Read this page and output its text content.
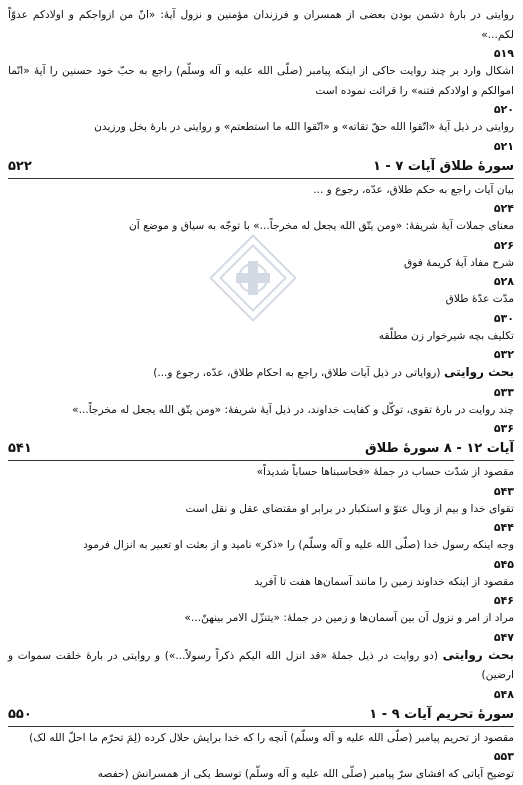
روایتی در بارهٔ دشمن بودن بعضی از همسران و فرزندان مؤمنین و نزول آیهٔ: «انّ من ازواجکم و اولادکم عدوّاً لکم...»
۵۱۹
اشکال وارد بر چند روایت حاکی از اینکه پیامبر (صلّی الله علیه و آله وسلّم) راجع به حبّ خود حسنین را آیهٔ «انّما اموالکم و اولادکم فتنه» را قرائت نموده است
۵۲۰
روایتی در ذیل آیهٔ «اتّقوا الله حقّ تقاته» و «اتّقوا الله ما استطعتم» و روایتی در بارهٔ بخل ورزیدن
۵۲۱
سورهٔ طلاق آیات ۷ - ۱
۵۲۲
بیان آیات راجع به حکم طلاق، عدّه، رجوع و ...
۵۲۴
معنای جملات آیهٔ شریفهٔ: «ومن یتّق الله یجعل له مخرجاً...» با توجّه به سیاق و موضع آن
۵۲۶
شرح مفاد آیهٔ کریمهٔ فوق
۵۲۸
مدّت عدّهٔ طلاق
۵۳۰
تکلیف بچه شیرخوار زن مطلّقه
۵۳۲
بحث روایتی (روایاتی در ذیل آیات طلاق، راجع به احکام طلاق، عدّه، رجوع و...)
۵۳۳
چند روایت در بارهٔ تقوی، توکّل و کفایت خداوند، در ذیل آیهٔ شریفهٔ: «ومن یتّق الله یجعل له مخرجاً...»
۵۳۶
آیات ۱۲ - ۸ سورهٔ طلاق
۵۴۱
مقصود از شدّت حساب در جملهٔ «فحاسبناها حساباً شدیداً»
۵۴۳
تقوای خدا و بیم از وبال عتوّ و استکبار در برابر او مقتضای عقل و نقل است
۵۴۴
وجه اینکه رسول خدا (صلّی الله علیه و آله وسلّم) را «ذکر» نامید و از بعثت او تعبیر به انزال فرمود
۵۴۵
مقصود از اینکه خداوند زمین را مانند آسمان‌ها هفت تا آفرید
۵۴۶
مراد از امر و نزول آن بین آسمان‌ها و زمین در جملهٔ: «یتنزّل الامر بینهنّ...»
۵۴۷
بحث روایتی (دو روایت در ذیل جملهٔ «قد انزل الله الیکم ذکراً رسولاً...») و روایتی در بارهٔ خلقت سموات و ارضین)
۵۴۸
سورهٔ تحریم آیات ۹ - ۱
۵۵۰
مقصود از تحریم پیامبر (صلّی الله علیه و آله وسلّم) آنچه را که خدا برایش حلال کرده (لِمَ تحرّم ما احلّ الله لک)
۵۵۳
توضیح آیاتی که افشای سرّ پیامبر (صلّی الله علیه و آله وسلّم) توسط یکی از همسرانش (حفصه
